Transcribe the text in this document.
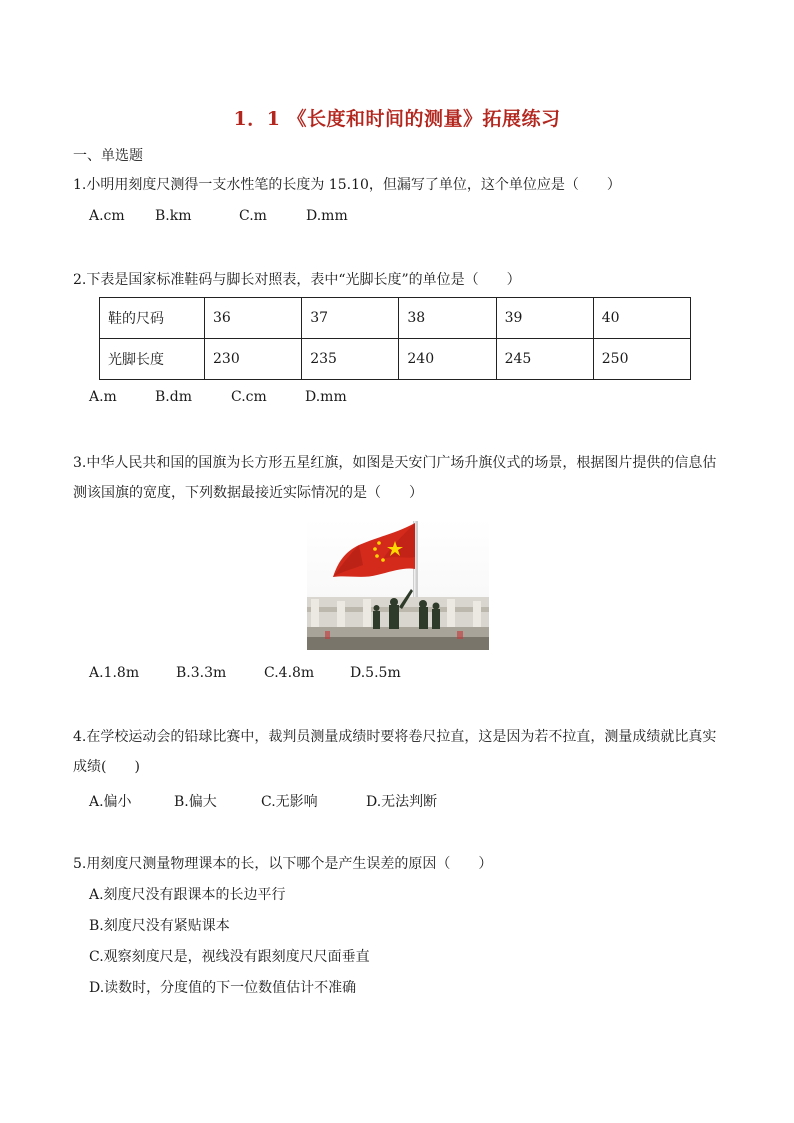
1．1 《长度和时间的测量》拓展练习
一、单选题
1.小明用刻度尺测得一支水性笔的长度为 15.10，但漏写了单位，这个单位应是（　　）
A.cm B.km	C.m	D.mm
2.下表是国家标准鞋码与脚长对照表，表中“光脚长度”的单位是（　　）
鞋的尺码	36	37	38	39	40
光脚长度	230	235	240	245	250
A.m	B.dm	C.cm	D.mm
3.中华人民共和国的国旗为长方形五星红旗，如图是天安门广场升旗仪式的场景，根据图片提供的信息估测该国旗的宽度，下列数据最接近实际情况的是（　　）
A.1.8m	B.3.3m	C.4.8m	D.5.5m
4.在学校运动会的铅球比赛中，裁判员测量成绩时要将卷尺拉直，这是因为若不拉直，测量成绩就比真实成绩(　　)
A.偏小	B.偏大	C.无影响	D.无法判断
5.用刻度尺测量物理课本的长，以下哪个是产生误差的原因（　　）
A.刻度尺没有跟课本的长边平行
B.刻度尺没有紧贴课本
C.观察刻度尺是，视线没有跟刻度尺尺面垂直
D.读数时，分度值的下一位数值估计不准确
